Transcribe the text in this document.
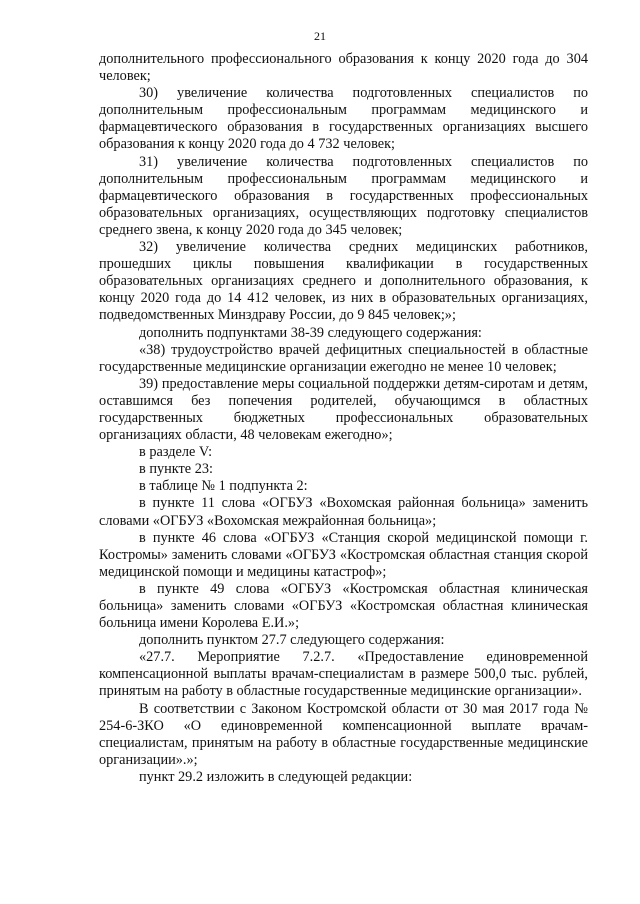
21

дополнительного профессионального образования к концу 2020 года до 304 человек;

30) увеличение количества подготовленных специалистов по дополнительным профессиональным программам медицинского и фармацевтического образования в государственных организациях высшего образования к концу 2020 года до 4 732 человек;

31) увеличение количества подготовленных специалистов по дополнительным профессиональным программам медицинского и фармацевтического образования в государственных профессиональных образовательных организациях, осуществляющих подготовку специалистов среднего звена, к концу 2020 года до 345 человек;

32) увеличение количества средних медицинских работников, прошедших циклы повышения квалификации в государственных образовательных организациях среднего и дополнительного образования, к концу 2020 года до 14 412 человек, из них в образовательных организациях, подведомственных Минздраву России, до 9 845 человек;»;

дополнить подпунктами 38-39 следующего содержания:

«38) трудоустройство врачей дефицитных специальностей в областные государственные медицинские организации ежегодно не менее 10 человек;

39) предоставление меры социальной поддержки детям-сиротам и детям, оставшимся без попечения родителей, обучающимся в областных государственных бюджетных профессиональных образовательных организациях области, 48 человекам ежегодно»;

в разделе V:

в пункте 23:

в таблице № 1 подпункта 2:

в пункте 11 слова «ОГБУЗ «Вохомская районная больница» заменить словами «ОГБУЗ «Вохомская межрайонная больница»;

в пункте 46 слова «ОГБУЗ «Станция скорой медицинской помощи г. Костромы» заменить словами «ОГБУЗ «Костромская областная станция скорой медицинской помощи и медицины катастроф»;

в пункте 49 слова «ОГБУЗ «Костромская областная клиническая больница» заменить словами «ОГБУЗ «Костромская областная клиническая больница имени Королева Е.И.»;

дополнить пунктом 27.7 следующего содержания:

«27.7. Мероприятие 7.2.7. «Предоставление единовременной компенсационной выплаты врачам-специалистам в размере 500,0 тыс. рублей, принятым на работу в областные государственные медицинские организации».

В соответствии с Законом Костромской области от 30 мая 2017 года № 254-6-ЗКО «О единовременной компенсационной выплате врачам-специалистам, принятым на работу в областные государственные медицинские организации».»;

пункт 29.2 изложить в следующей редакции:
